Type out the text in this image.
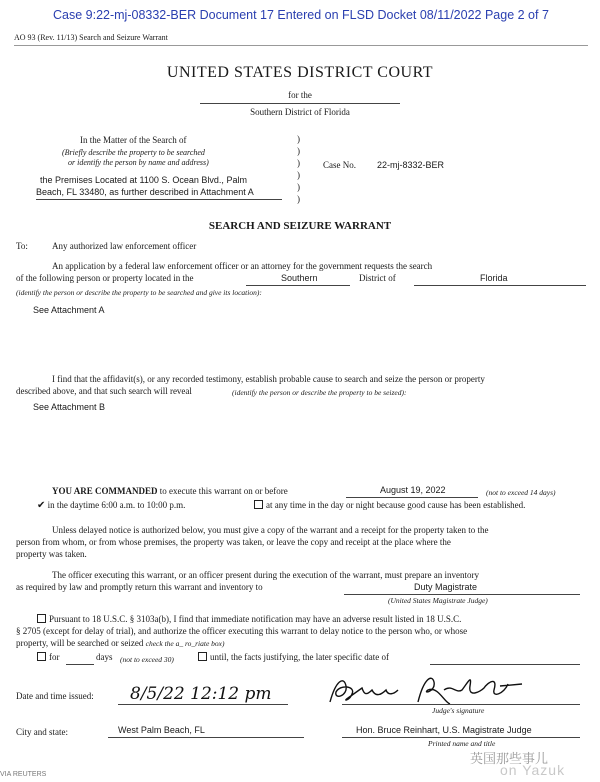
Case 9:22-mj-08332-BER Document 17 Entered on FLSD Docket 08/11/2022 Page 2 of 7
AO 93 (Rev. 11/13) Search and Seizure Warrant
UNITED STATES DISTRICT COURT
for the
Southern District of Florida
In the Matter of the Search of
(Briefly describe the property to be searched
or identify the person by name and address)
the Premises Located at 1100 S. Ocean Blvd., Palm
Beach, FL 33480, as further described in Attachment A
)
)
)
)
)
)
Case No. 22-mj-8332-BER
SEARCH AND SEIZURE WARRANT
To:	Any authorized law enforcement officer
An application by a federal law enforcement officer or an attorney for the government requests the search
of the following person or property located in the	Southern	District of	Florida
(identify the person or describe the property to be searched and give its location):
See Attachment A
I find that the affidavit(s), or any recorded testimony, establish probable cause to search and seize the person or property
described above, and that such search will reveal	(identify the person or describe the property to be seized):
See Attachment B
YOU ARE COMMANDED to execute this warrant on or before	August 19, 2022	(not to exceed 14 days)
✔ in the daytime 6:00 a.m. to 10:00 p.m.	at any time in the day or night because good cause has been established.
Unless delayed notice is authorized below, you must give a copy of the warrant and a receipt for the property taken to the
person from whom, or from whose premises, the property was taken, or leave the copy and receipt at the place where the
property was taken.
The officer executing this warrant, or an officer present during the execution of the warrant, must prepare an inventory
as required by law and promptly return this warrant and inventory to	Duty Magistrate
(United States Magistrate Judge)
Pursuant to 18 U.S.C. § 3103a(b), I find that immediate notification may have an adverse result listed in 18 U.S.C.
§ 2705 (except for delay of trial), and authorize the officer executing this warrant to delay notice to the person who, or whose
property, will be searched or seized check the a_ ro_riate box)
for	days (not to exceed 30)	until, the facts justifying, the later specific date of
Date and time issued: 8/5/22 12:12 pm
Judge's signature
City and state:	West Palm Beach, FL	Hon. Bruce Reinhart, U.S. Magistrate Judge
Printed name and title
VIA REUTERS
英国那些事儿
on Yazuk
